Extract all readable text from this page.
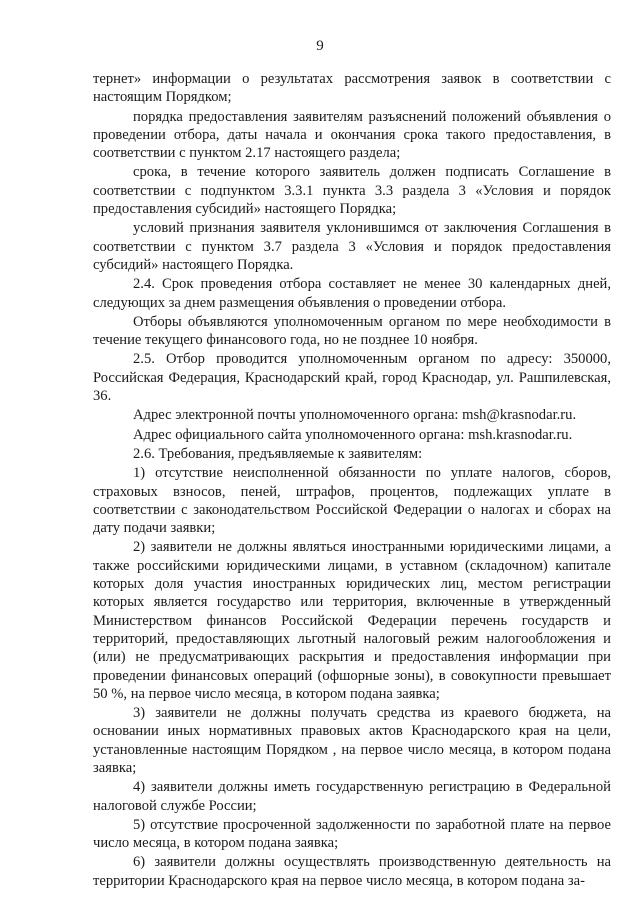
9

тернет» информации о результатах рассмотрения заявок в соответствии с настоящим Порядком;

порядка предоставления заявителям разъяснений положений объявления о проведении отбора, даты начала и окончания срока такого предоставления, в соответствии с пунктом 2.17 настоящего раздела;

срока, в течение которого заявитель должен подписать Соглашение в соответствии с подпунктом 3.3.1 пункта 3.3 раздела 3 «Условия и порядок предоставления субсидий» настоящего Порядка;

условий признания заявителя уклонившимся от заключения Соглашения в соответствии с пунктом 3.7 раздела 3 «Условия и порядок предоставления субсидий» настоящего Порядка.

2.4. Срок проведения отбора составляет не менее 30 календарных дней, следующих за днем размещения объявления о проведении отбора.

Отборы объявляются уполномоченным органом по мере необходимости в течение текущего финансового года, но не позднее 10 ноября.

2.5. Отбор проводится уполномоченным органом по адресу: 350000, Российская Федерация, Краснодарский край, город Краснодар, ул. Рашпилевская, 36.

Адрес электронной почты уполномоченного органа: msh@krasnodar.ru.

Адрес официального сайта уполномоченного органа: msh.krasnodar.ru.

2.6. Требования, предъявляемые к заявителям:

1) отсутствие неисполненной обязанности по уплате налогов, сборов, страховых взносов, пеней, штрафов, процентов, подлежащих уплате в соответствии с законодательством Российской Федерации о налогах и сборах на дату подачи заявки;

2) заявители не должны являться иностранными юридическими лицами, а также российскими юридическими лицами, в уставном (складочном) капитале которых доля участия иностранных юридических лиц, местом регистрации которых является государство или территория, включенные в утвержденный Министерством финансов Российской Федерации перечень государств и территорий, предоставляющих льготный налоговый режим налогообложения и (или) не предусматривающих раскрытия и предоставления информации при проведении финансовых операций (офшорные зоны), в совокупности превышает 50 %, на первое число месяца, в котором подана заявка;

3) заявители не должны получать средства из краевого бюджета, на основании иных нормативных правовых актов Краснодарского края на цели, установленные настоящим Порядком , на первое число месяца, в котором подана заявка;

4) заявители должны иметь государственную регистрацию в Федеральной налоговой службе России;

5) отсутствие просроченной задолженности по заработной плате на первое число месяца, в котором подана заявка;

6) заявители должны осуществлять производственную деятельность на территории Краснодарского края на первое число месяца, в котором подана за-
